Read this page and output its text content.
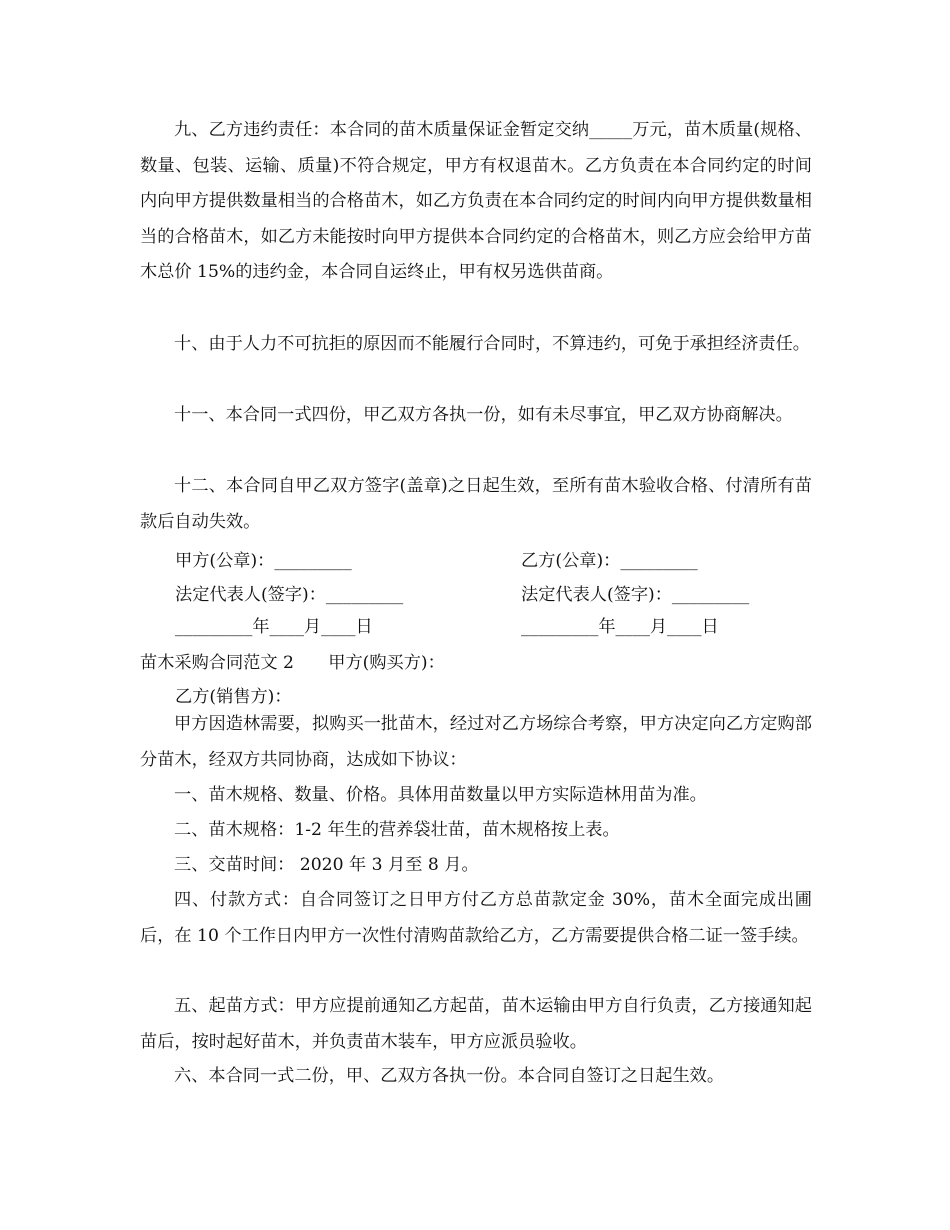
九、乙方违约责任：本合同的苗木质量保证金暂定交纳_____万元，苗木质量(规格、数量、包装、运输、质量)不符合规定，甲方有权退苗木。乙方负责在本合同约定的时间内向甲方提供数量相当的合格苗木，如乙方负责在本合同约定的时间内向甲方提供数量相当的合格苗木，如乙方未能按时向甲方提供本合同约定的合格苗木，则乙方应会给甲方苗木总价 15%的违约金，本合同自运终止，甲有权另选供苗商。

十、由于人力不可抗拒的原因而不能履行合同时，不算违约，可免于承担经济责任。

十一、本合同一式四份，甲乙双方各执一份，如有未尽事宜，甲乙双方协商解决。

十二、本合同自甲乙双方签字(盖章)之日起生效，至所有苗木验收合格、付清所有苗款后自动失效。

甲方(公章)：_________	乙方(公章)：_________
法定代表人(签字)：_________	法定代表人(签字)：_________
_________年____月____日	_________年____月____日
苗木采购合同范文 2　　甲方(购买方)：
乙方(销售方)：

甲方因造林需要，拟购买一批苗木，经过对乙方场综合考察，甲方决定向乙方定购部分苗木，经双方共同协商，达成如下协议：

一、苗木规格、数量、价格。具体用苗数量以甲方实际造林用苗为准。

二、苗木规格：1-2 年生的营养袋壮苗，苗木规格按上表。

三、交苗时间： 2020 年 3 月至 8 月。

四、付款方式：自合同签订之日甲方付乙方总苗款定金 30%，苗木全面完成出圃后，在 10 个工作日内甲方一次性付清购苗款给乙方，乙方需要提供合格二证一签手续。

五、起苗方式：甲方应提前通知乙方起苗，苗木运输由甲方自行负责，乙方接通知起苗后，按时起好苗木，并负责苗木装车，甲方应派员验收。

六、本合同一式二份，甲、乙双方各执一份。本合同自签订之日起生效。
